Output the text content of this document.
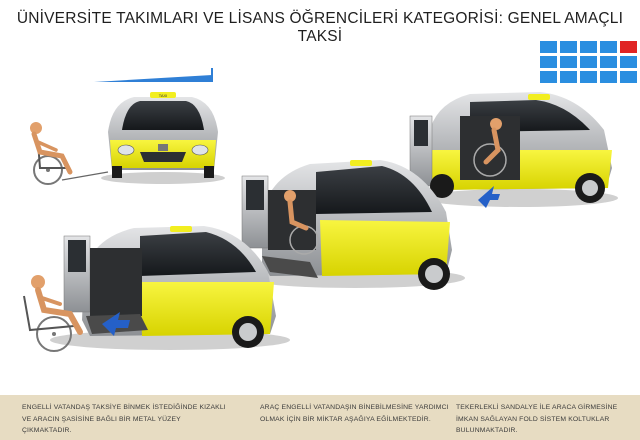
ÜNİVERSİTE TAKIMLARI VE LİSANS ÖĞRENCİLERİ KATEGORİSİ: GENEL AMAÇLI TAKSİ
TAXI
ENGELLİ VATANDAŞ TAKSİYE BİNMEK İSTEDİĞİNDE KIZAKLI VE ARACIN ŞASİSİNE BAĞLI BİR METAL YÜZEY ÇIKMAKTADIR.
ARAÇ ENGELLİ VATANDAŞIN BİNEBİLMESİNE YARDIMCI OLMAK İÇİN BİR MİKTAR AŞAĞIYA EĞİLMEKTEDİR.
TEKERLEKLİ SANDALYE İLE ARACA GİRMESİNE İMKAN SAĞLAYAN FOLD SİSTEM KOLTUKLAR BULUNMAKTADIR.
